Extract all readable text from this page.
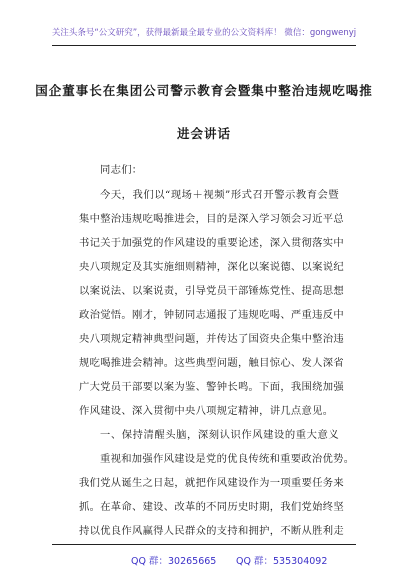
关注头条号“公文研究”，获得最新最全最专业的公文资料库！ 微信：gongwenyj
国企董事长在集团公司警示教育会暨集中整治违规吃喝推
进会讲话
同志们：
今天，我们以“现场＋视频”形式召开警示教育会暨
集中整治违规吃喝推进会，目的是深入学习领会习近平总
书记关于加强党的作风建设的重要论述，深入贯彻落实中
央八项规定及其实施细则精神，深化以案说德、以案说纪
以案说法、以案说责，引导党员干部锤炼党性、提高思想
政治觉悟。刚才，钟韧同志通报了违规吃喝、严重违反中
央八项规定精神典型问题，并传达了国资央企集中整治违
规吃喝推进会精神。这些典型问题，触目惊心、发人深省
广大党员干部要以案为鉴、警钟长鸣。下面，我围绕加强
作风建设、深入贯彻中央八项规定精神，讲几点意见。
一、保持清醒头脑，深刻认识作风建设的重大意义
重视和加强作风建设是党的优良传统和重要政治优势。
我们党从诞生之日起，就把作风建设作为一项重要任务来
抓。在革命、建设、改革的不同历史时期，我们党始终坚
持以优良作风赢得人民群众的支持和拥护，不断从胜利走
QQ 群：30265665 QQ 群：535304092
